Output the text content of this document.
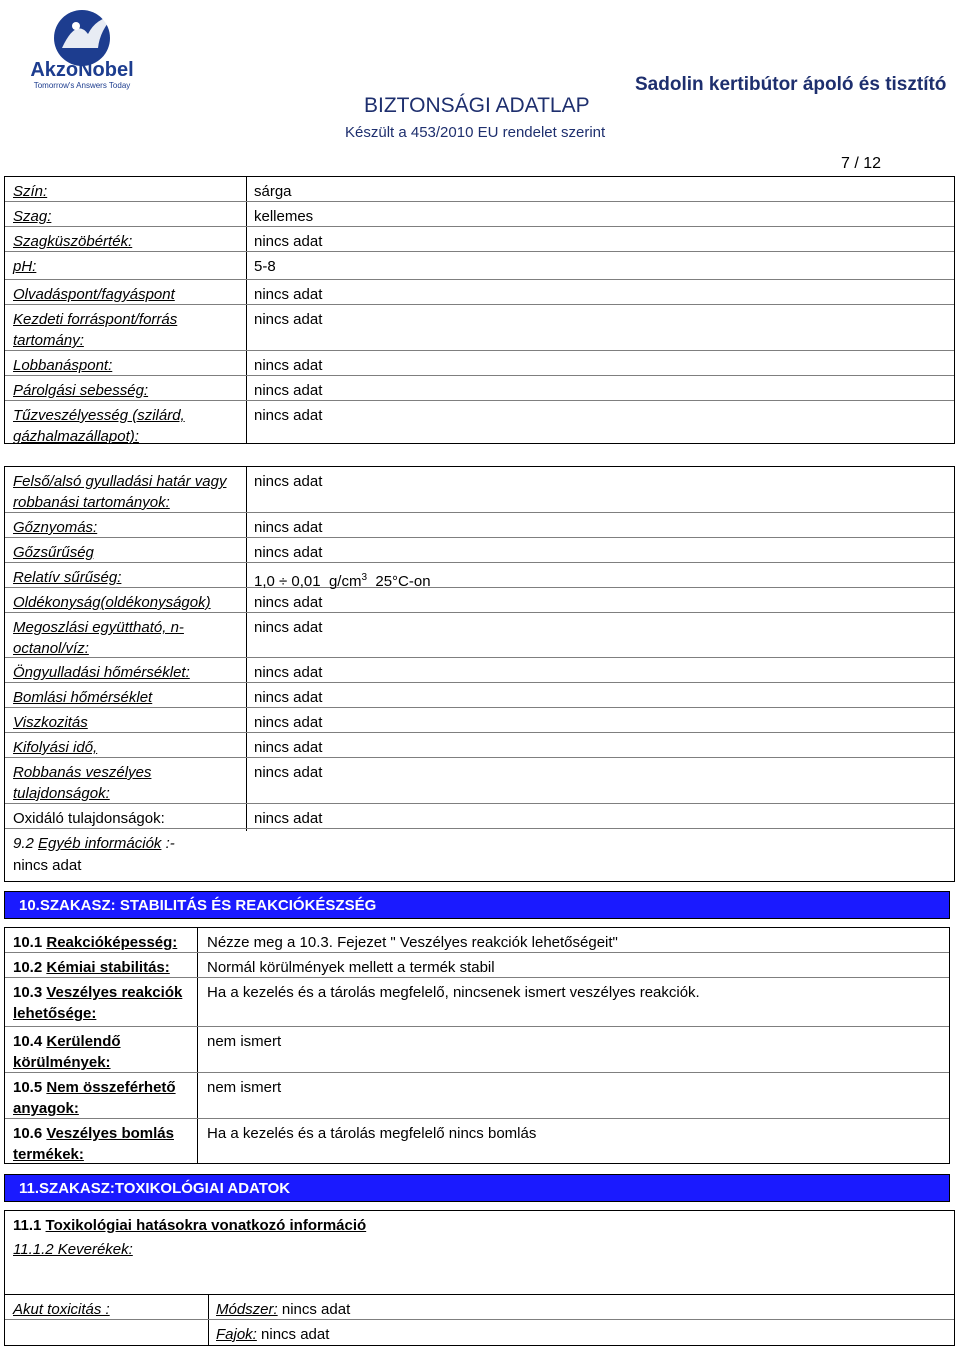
AkzoNobel
Tomorrow's Answers Today	Sadolin kertibútor ápoló és tisztító
BIZTONSÁGI ADATLAP
Készült a 453/2010 EU rendelet szerint
7 / 12
Szín:	sárga
Szag:	kellemes
Szagküszöbérték:	nincs adat
pH:	5-8
Olvadáspont/fagyáspont	nincs adat
Kezdeti forráspont/forrás tartomány:
nincs adat
Lobbanáspont:	nincs adat
Párolgási sebesség:	nincs adat
Tűzveszélyesség (szilárd, gázhalmazállapot):
nincs adat
Felső/alsó gyulladási határ vagy robbanási tartományok:
nincs adat
Gőznyomás:	nincs adat
Gőzsűrűség	nincs adat
Relatív sűrűség:	1,0 ÷ 0,01  $g/cm^3$  25°C-on
Oldékonyság(oldékonyságok)	nincs adat
Megoszlási együttható, n-octanol/víz:
nincs adat
Öngyulladási hőmérséklet:	nincs adat
Bomlási hőmérséklet	nincs adat
Viszkozitás	nincs adat
Kifolyási idő,	nincs adat
Robbanás veszélyes tulajdonságok:
nincs adat
Oxidáló tulajdonságok:	nincs adat
9.2 Egyéb információk :-
nincs adat
10.SZAKASZ: STABILITÁS ÉS REAKCIÓKÉSZSÉG
10.1 Reakcióképesség: Nézze meg a 10.3. Fejezet " Veszélyes reakciók lehetőségeit"
10.2 Kémiai stabilitás: Normál körülmények mellett a termék stabil
10.3 Veszélyes reakciók lehetősége:
Ha a kezelés és a tárolás megfelelő, nincsenek ismert veszélyes reakciók.
10.4 Kerülendő körülmények:
nem ismert
10.5 Nem összeférhető anyagok:
nem ismert
10.6 Veszélyes bomlás termékek:
Ha a kezelés és a tárolás megfelelő nincs bomlás
11.SZAKASZ:TOXIKOLÓGIAI ADATOK
11.1 Toxikológiai hatásokra vonatkozó információ
11.1.2 Keverékek:
Akut toxicitás :	Módszer: nincs adat
Fajok: nincs adat
